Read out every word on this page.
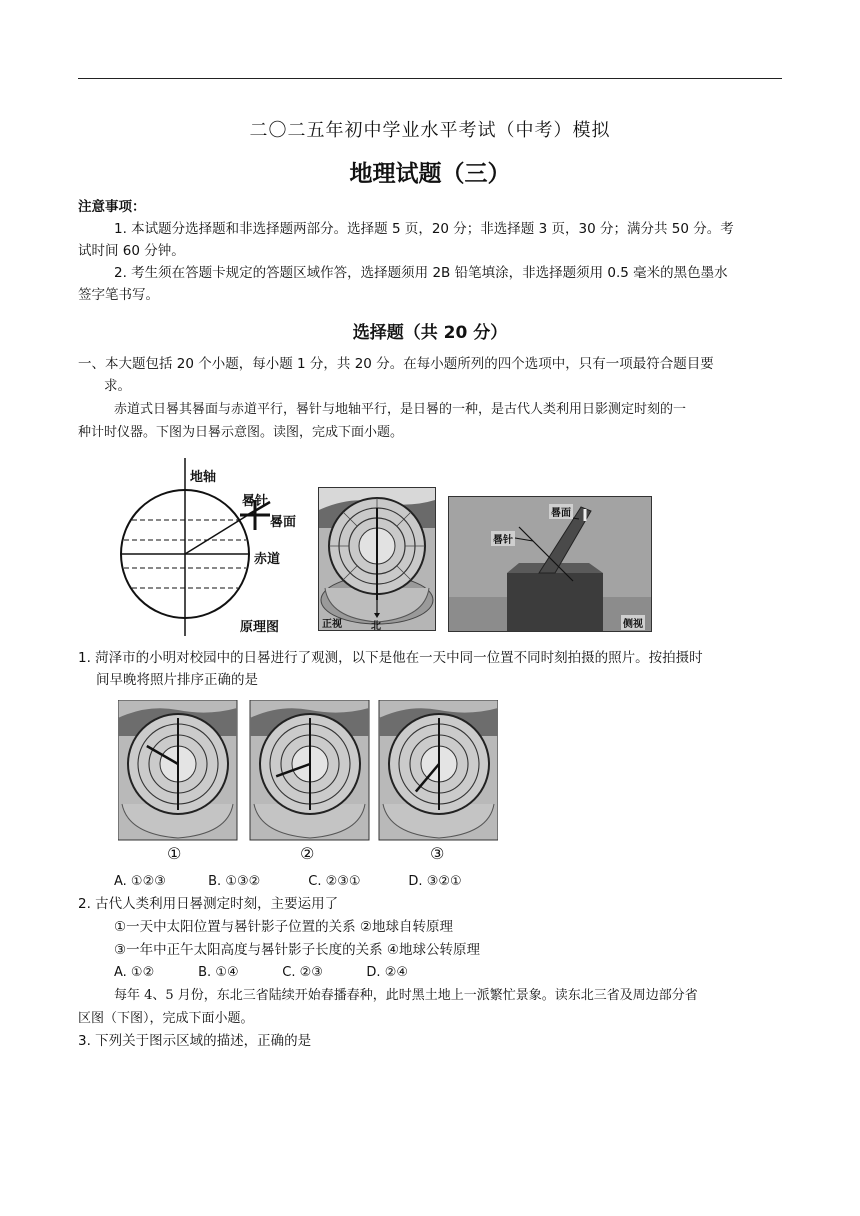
二〇二五年初中学业水平考试（中考）模拟
地理试题（三）
注意事项：
1. 本试题分选择题和非选择题两部分。选择题 5 页，20 分；非选择题 3 页，30 分；满分共 50 分。考
试时间 60 分钟。
2. 考生须在答题卡规定的答题区域作答，选择题须用 2B 铅笔填涂，非选择题须用 0.5 毫米的黑色墨水
签字笔书写。
选择题（共 20 分）
一、本大题包括 20 个小题，每小题 1 分，共 20 分。在每小题所列的四个选项中，只有一项最符合题目要
求。
赤道式日晷其晷面与赤道平行，晷针与地轴平行，是日晷的一种，是古代人类利用日影测定时刻的一
种计时仪器。下图为日晷示意图。读图，完成下面小题。
地轴
晷针
晷面
赤道
原理图	正视	北
晷面
晷针
侧视
1. 菏泽市的小明对校园中的日晷进行了观测，以下是他在一天中同一位置不同时刻拍摄的照片。按拍摄时
间早晚将照片排序正确的是
①	②	③
A. ①②③	B. ①③②	C. ②③①	D. ③②①
2. 古代人类利用日晷测定时刻，主要运用了
①一天中太阳位置与晷针影子位置的关系 ②地球自转原理
③一年中正午太阳高度与晷针影子长度的关系 ④地球公转原理
A. ①②	B. ①④	C. ②③	D. ②④
每年 4、5 月份，东北三省陆续开始春播春种，此时黑土地上一派繁忙景象。读东北三省及周边部分省
区图（下图），完成下面小题。
3. 下列关于图示区域的描述，正确的是
